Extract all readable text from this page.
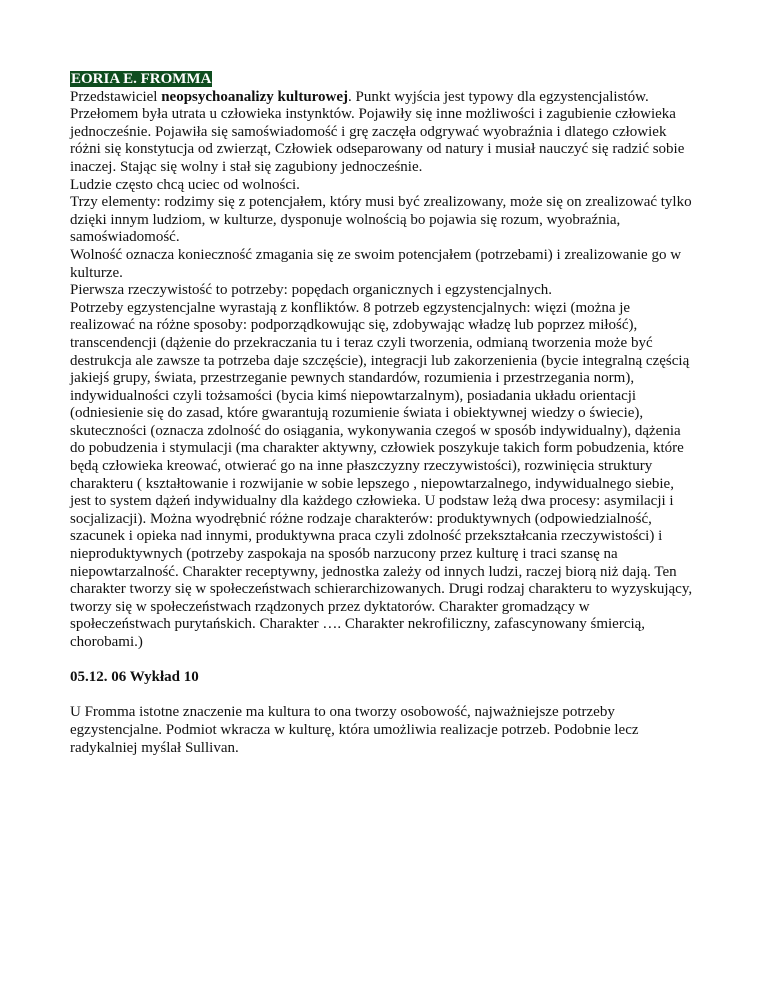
EORIA E. FROMMA
Przedstawiciel neopsychoanalizy kulturowej. Punkt wyjścia jest typowy dla egzystencjalistów.
Przełomem była utrata u człowieka instynktów. Pojawiły się inne możliwości i zagubienie człowieka
jednocześnie. Pojawiła się samoświadomość i grę zaczęła odgrywać wyobraźnia i dlatego człowiek
różni się konstytucja od zwierząt, Człowiek odseparowany od natury i musiał nauczyć się radzić sobie
inaczej. Stając się wolny i stał się zagubiony jednocześnie.
Ludzie często chcą uciec od wolności.
Trzy elementy: rodzimy się z potencjałem, który musi być zrealizowany, może się on zrealizować tylko
dzięki innym ludziom, w kulturze, dysponuje wolnością bo pojawia się rozum, wyobraźnia,
samoświadomość.
Wolność oznacza konieczność zmagania się ze swoim potencjałem (potrzebami) i zrealizowanie go w
kulturze.
Pierwsza rzeczywistość to potrzeby: popędach organicznych i egzystencjalnych.
Potrzeby egzystencjalne wyrastają z konfliktów. 8 potrzeb egzystencjalnych: więzi (można je
realizować na różne sposoby: podporządkowując się, zdobywając władzę lub poprzez miłość),
transcendencji (dążenie do przekraczania tu i teraz czyli tworzenia, odmianą tworzenia może być
destrukcja ale zawsze ta potrzeba daje szczęście), integracji lub zakorzenienia (bycie integralną częścią
jakiejś grupy, świata, przestrzeganie pewnych standardów, rozumienia i przestrzegania norm),
indywidualności czyli tożsamości (bycia kimś niepowtarzalnym), posiadania układu orientacji
(odniesienie się do zasad, które gwarantują rozumienie świata i obiektywnej wiedzy o świecie),
skuteczności (oznacza zdolność do osiągania, wykonywania czegoś w sposób indywidualny), dążenia
do pobudzenia i stymulacji (ma charakter aktywny, człowiek poszykuje takich form pobudzenia, które
będą człowieka kreować, otwierać go na inne płaszczyzny rzeczywistości), rozwinięcia struktury
charakteru ( kształtowanie i rozwijanie w sobie lepszego , niepowtarzalnego, indywidualnego siebie,
jest to system dążeń indywidualny dla każdego człowieka. U podstaw leżą dwa procesy: asymilacji i
socjalizacji). Można wyodrębnić różne rodzaje charakterów: produktywnych (odpowiedzialność,
szacunek i opieka nad innymi, produktywna praca czyli zdolność przekształcania rzeczywistości) i
nieproduktywnych (potrzeby zaspokaja na sposób narzucony przez kulturę i traci szansę na
niepowtarzalność. Charakter receptywny, jednostka zależy od innych ludzi, raczej biorą niż dają. Ten
charakter tworzy się w społeczeństwach schierarchizowanych. Drugi rodzaj charakteru to wyzyskujący,
tworzy się w społeczeństwach rządzonych przez dyktatorów. Charakter gromadzący w
społeczeństwach purytańskich. Charakter …. Charakter nekrofiliczny, zafascynowany śmiercią,
chorobami.)
05.12. 06 Wykład 10
U Fromma istotne znaczenie ma kultura to ona tworzy osobowość, najważniejsze potrzeby
egzystencjalne. Podmiot wkracza w kulturę, która umożliwia realizacje potrzeb. Podobnie lecz
radykalniej myślał Sullivan.
